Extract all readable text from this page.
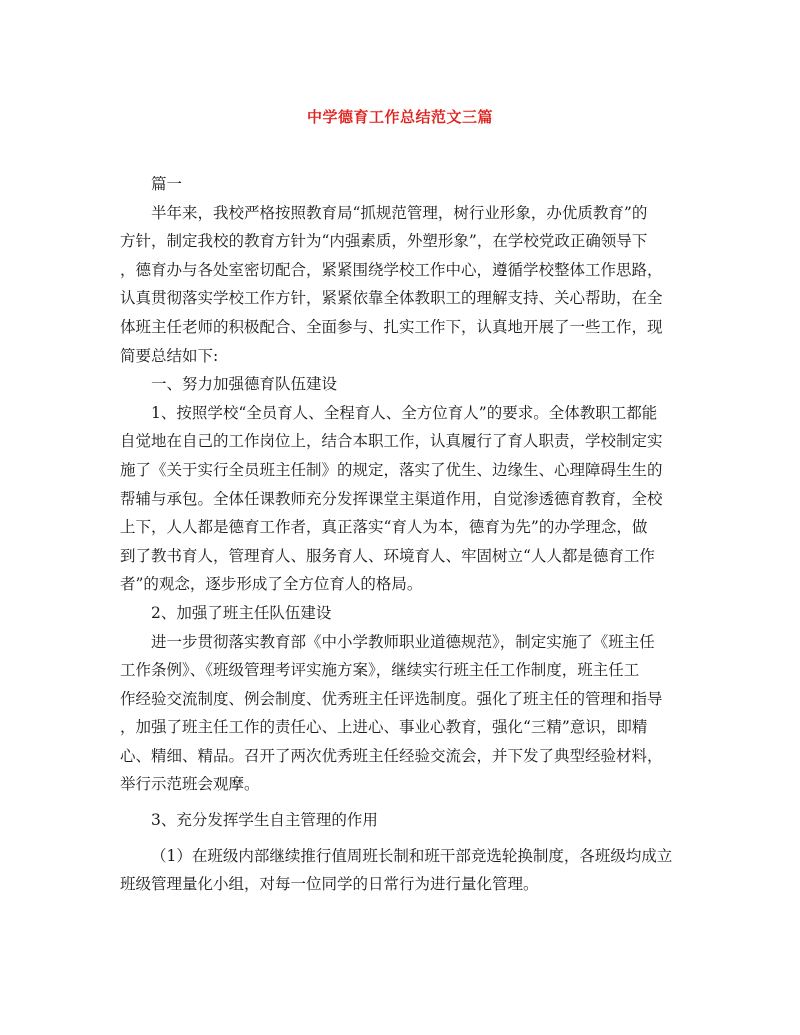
中学德育工作总结范文三篇
篇一
半年来，我校严格按照教育局“抓规范管理，树行业形象，办优质教育”的
方针，制定我校的教育方针为“内强素质，外塑形象”，在学校党政正确领导下
，德育办与各处室密切配合，紧紧围绕学校工作中心，遵循学校整体工作思路，
认真贯彻落实学校工作方针，紧紧依靠全体教职工的理解支持、关心帮助，在全
体班主任老师的积极配合、全面参与、扎实工作下，认真地开展了一些工作，现
简要总结如下:
一、努力加强德育队伍建设
1、按照学校“全员育人、全程育人、全方位育人”的要求。全体教职工都能
自觉地在自己的工作岗位上，结合本职工作，认真履行了育人职责，学校制定实
施了《关于实行全员班主任制》的规定，落实了优生、边缘生、心理障碍生生的
帮辅与承包。全体任课教师充分发挥课堂主渠道作用，自觉渗透德育教育，全校
上下，人人都是德育工作者，真正落实“育人为本，德育为先”的办学理念，做
到了教书育人，管理育人、服务育人、环境育人、牢固树立“人人都是德育工作
者”的观念，逐步形成了全方位育人的格局。
2、加强了班主任队伍建设
进一步贯彻落实教育部《中小学教师职业道德规范》，制定实施了《班主任
工作条例》、《班级管理考评实施方案》，继续实行班主任工作制度，班主任工
作经验交流制度、例会制度、优秀班主任评选制度。强化了班主任的管理和指导
，加强了班主任工作的责任心、上进心、事业心教育，强化“三精”意识，即精
心、精细、精品。召开了两次优秀班主任经验交流会，并下发了典型经验材料，
举行示范班会观摩。
3、充分发挥学生自主管理的作用
（1）在班级内部继续推行值周班长制和班干部竞选轮换制度，各班级均成立
班级管理量化小组，对每一位同学的日常行为进行量化管理。
